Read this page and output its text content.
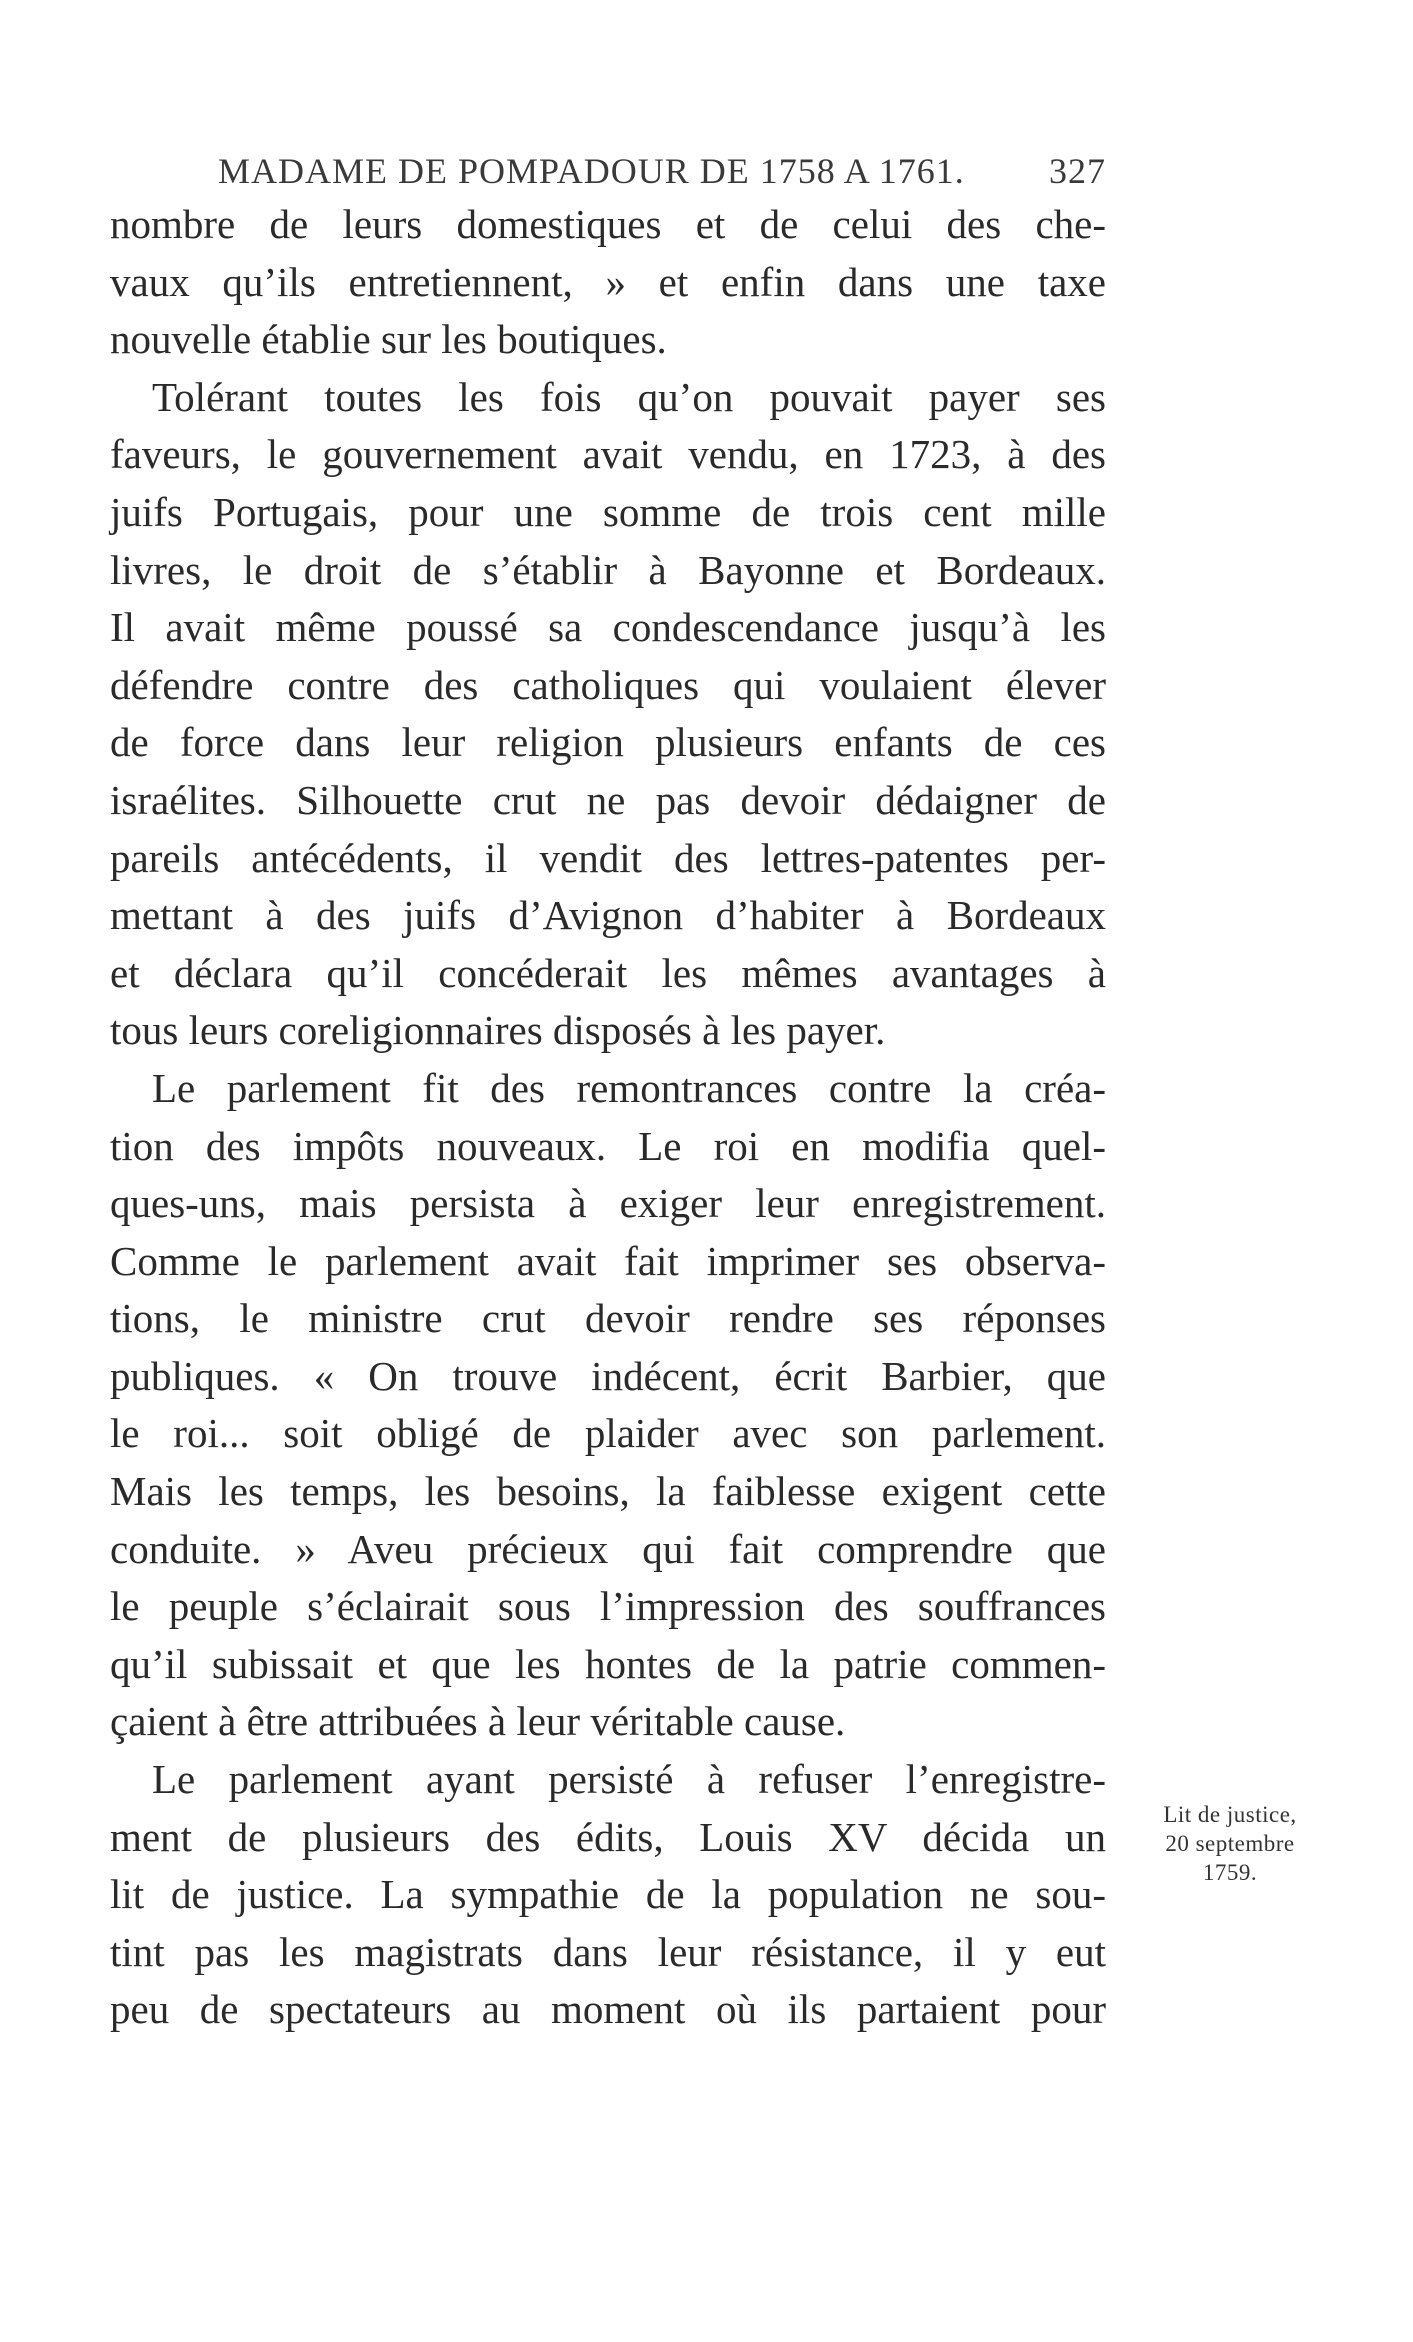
MADAME DE POMPADOUR DE 1758 A 1761. 327
nombre de leurs domestiques et de celui des che-
vaux qu’ils entretiennent, » et enfin dans une taxe
nouvelle établie sur les boutiques.
Tolérant toutes les fois qu’on pouvait payer ses
faveurs, le gouvernement avait vendu, en 1723, à des
juifs Portugais, pour une somme de trois cent mille
livres, le droit de s’établir à Bayonne et Bordeaux.
Il avait même poussé sa condescendance jusqu’à les
défendre contre des catholiques qui voulaient élever
de force dans leur religion plusieurs enfants de ces
israélites. Silhouette crut ne pas devoir dédaigner de
pareils antécédents, il vendit des lettres-patentes per-
mettant à des juifs d’Avignon d’habiter à Bordeaux
et déclara qu’il concéderait les mêmes avantages à
tous leurs coreligionnaires disposés à les payer.
Le parlement fit des remontrances contre la créa-
tion des impôts nouveaux. Le roi en modifia quel-
ques-uns, mais persista à exiger leur enregistrement.
Comme le parlement avait fait imprimer ses observa-
tions, le ministre crut devoir rendre ses réponses
publiques. « On trouve indécent, écrit Barbier, que
le roi... soit obligé de plaider avec son parlement.
Mais les temps, les besoins, la faiblesse exigent cette
conduite. » Aveu précieux qui fait comprendre que
le peuple s’éclairait sous l’impression des souffrances
qu’il subissait et que les hontes de la patrie commen-
çaient à être attribuées à leur véritable cause.
Le parlement ayant persisté à refuser l’enregistre-
ment de plusieurs des édits, Louis XV décida un
lit de justice. La sympathie de la population ne sou-
tint pas les magistrats dans leur résistance, il y eut
peu de spectateurs au moment où ils partaient pour
Lit de justice,
20 septembre
1759.
